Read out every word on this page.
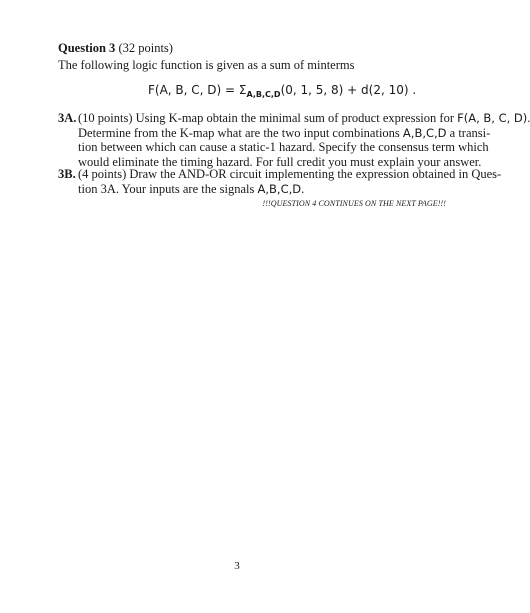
Question 3 (32 points)
The following logic function is given as a sum of minterms
F(A, B, C, $D) = \Sigma_{A,B,C,D}(0$, 1, 5, 8) + d(2, 10) .
3A. (10 points) Using K-map obtain the minimal sum of product expression for F(A, B, C, D)
Determine from the K-map what are the two input combinations A,B,C,D a transi-
tion between which can cause a static-1 hazard. Specify the consensus term which
would eliminate the timing hazard. For full credit you must explain your answer.
3B. (4 points) Draw the AND-OR circuit implementing the expression obtained in Ques-
tion 3A. Your inputs are the signals A,B,C,D.
!!!QUESTION 4 CONTINUES ON THE NEXT PAGE!!!
3
